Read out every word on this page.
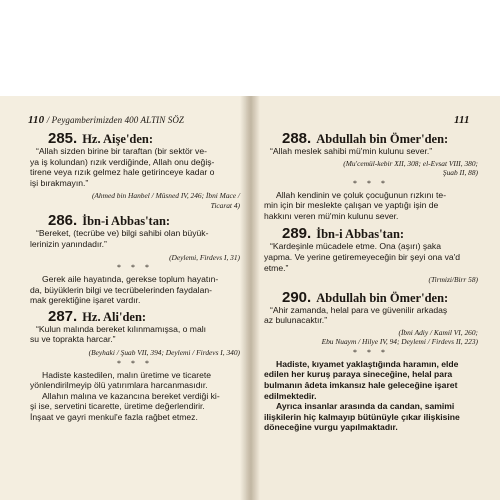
110 / Peygamberimizden 400 ALTIN SÖZ

285. Hz. Aişe'den:

“Allah sizden birine bir taraftan (bir sektör ve-

ya iş kolundan) rızık verdiğinde, Allah onu değiş-

tirene veya rızık gelmez hale getirinceye kadar o

işi bırakmayın.”

(Ahmed bin Hanbel / Müsned IV, 246; İbni Mace /

Ticarat 4)

286. İbn-i Abbas'tan:

“Bereket, (tecrübe ve) bilgi sahibi olan büyük-

lerinizin yanındadır.”

(Deylemi, Firdevs I, 31)

* * *

Gerek aile hayatında, gerekse toplum hayatın-

da, büyüklerin bilgi ve tecrübelerinden faydalan-

mak gerektiğine işaret vardır.

287. Hz. Ali'den:

“Kulun malında bereket kılınmamışsa, o malı

su ve toprakta harcar.”

(Beyhaki / Şuab VII, 394; Deylemi / Firdevs I, 340)

* * *

Hadiste kastedilen, malın üretime ve ticarete

yönlendirilmeyip ölü yatırımlara harcanmasıdır.

Allahın malına ve kazancına bereket verdiği ki-

şi ise, servetini ticarette, üretime değerlendirir.

İnşaat ve gayri menkul'e fazla rağbet etmez.

111

288. Abdullah bin Ömer'den:

“Allah meslek sahibi mü'min kulunu sever.”

(Mu'cemül-kebir XII, 308; el-Evsat VIII, 380;

Şuab II, 88)

* * *

Allah kendinin ve çoluk çocuğunun rızkını te-

min için bir meslekte çalışan ve yaptığı işin de

hakkını veren mü'min kulunu sever.

289. İbn-i Abbas'tan:

“Kardeşinle mücadele etme. Ona (aşırı) şaka

yapma. Ve yerine getiremeyeceğin bir şeyi ona va'd

etme.”

(Tirmizi/Birr 58)

290. Abdullah bin Ömer'den:

“Ahir zamanda, helal para ve güvenilir arkadaş

az bulunacaktır.”

(İbni Adiy / Kamil VI, 260;

Ebu Nuaym / Hilye IV, 94; Deylemi / Firdevs II, 223)

* * *

Hadiste, kıyamet yaklaştığında haramın, elde

edilen her kuruş paraya sineceğine, helal para

bulmanın âdeta imkansız hale geleceğine işaret

edilmektedir.

Ayrıca insanlar arasında da candan, samimi

ilişkilerin hiç kalmayıp bütünüyle çıkar ilişkisine

döneceğine vurgu yapılmaktadır.
